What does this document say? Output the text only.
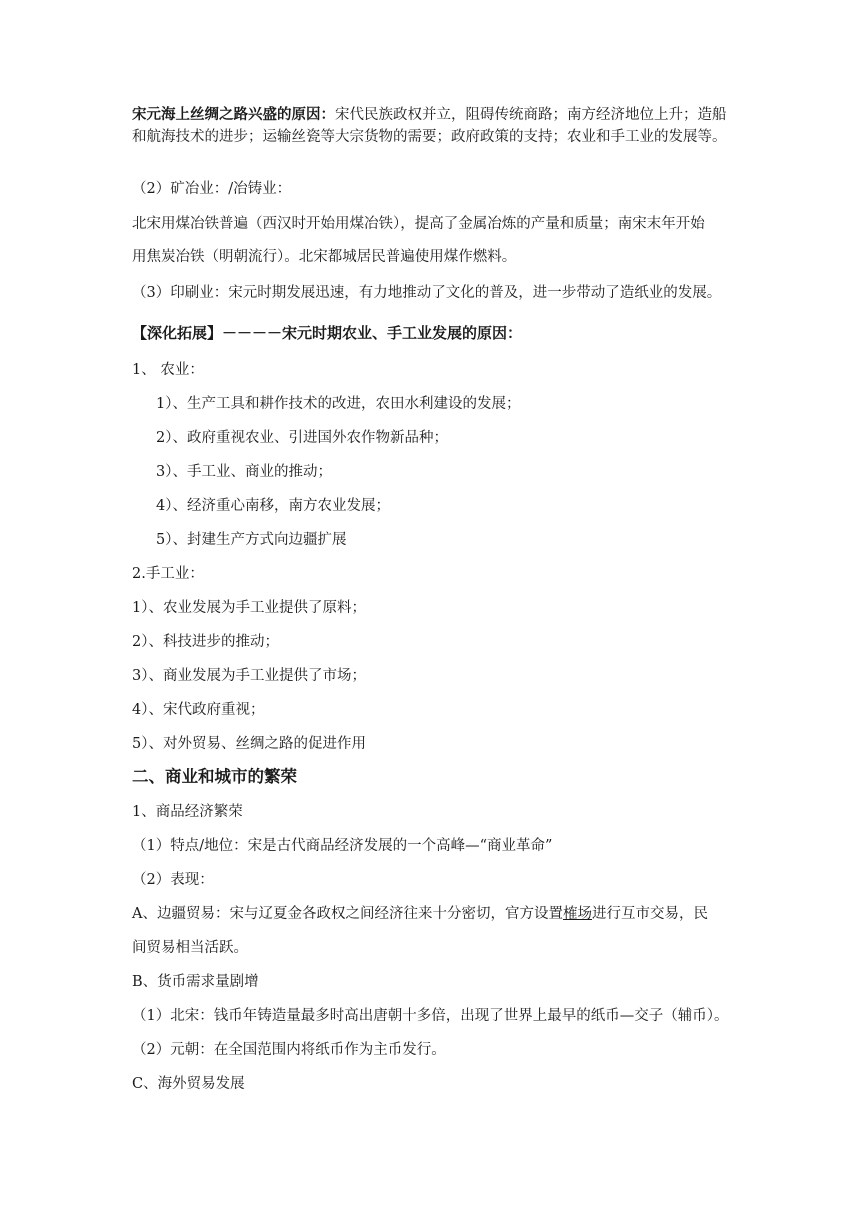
宋元海上丝绸之路兴盛的原因：宋代民族政权并立，阻碍传统商路；南方经济地位上升；造船和航海技术的进步；运输丝瓷等大宗货物的需要；政府政策的支持；农业和手工业的发展等。
（2）矿冶业：/冶铸业：
北宋用煤冶铁普遍（西汉时开始用煤冶铁），提高了金属冶炼的产量和质量；南宋末年开始
用焦炭冶铁（明朝流行）。北宋都城居民普遍使用煤作燃料。
（3）印刷业：宋元时期发展迅速，有力地推动了文化的普及，进一步带动了造纸业的发展。
【深化拓展】－－－－宋元时期农业、手工业发展的原因：
1、 农业：
1）、生产工具和耕作技术的改进，农田水利建设的发展；
2）、政府重视农业、引进国外农作物新品种；
3）、手工业、商业的推动；
4）、经济重心南移，南方农业发展；
5）、封建生产方式向边疆扩展
2.手工业：
1）、农业发展为手工业提供了原料；
2）、科技进步的推动；
3）、商业发展为手工业提供了市场；
4）、宋代政府重视；
5）、对外贸易、丝绸之路的促进作用
二、商业和城市的繁荣
1、商品经济繁荣
（1）特点/地位：宋是古代商品经济发展的一个高峰—“商业革命”
（2）表现：
A、边疆贸易：宋与辽夏金各政权之间经济往来十分密切，官方设置榷场进行互市交易，民
间贸易相当活跃。
B、货币需求量剧增
（1）北宋：钱币年铸造量最多时高出唐朝十多倍，出现了世界上最早的纸币—交子（辅币）。
（2）元朝：在全国范围内将纸币作为主币发行。
C、海外贸易发展
